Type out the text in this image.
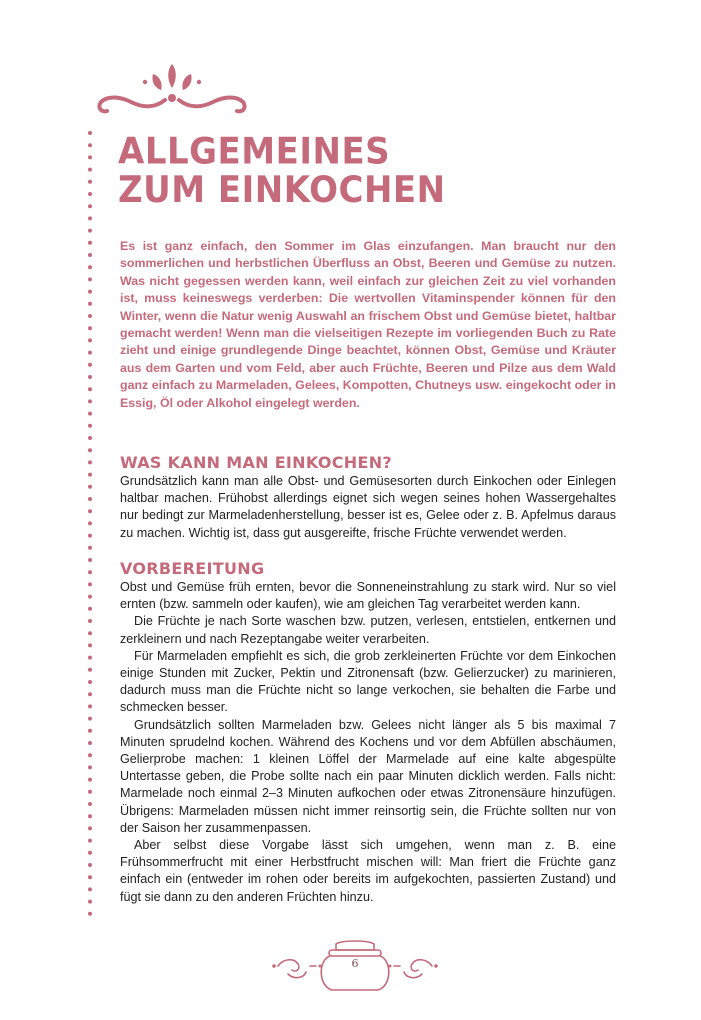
ALLGEMEINES
ZUM EINKOCHEN

Es ist ganz einfach, den Sommer im Glas einzufangen. Man braucht nur den sommerlichen und herbstlichen Überfluss an Obst, Beeren und Gemüse zu nutzen. Was nicht gegessen werden kann, weil einfach zur gleichen Zeit zu viel vorhanden ist, muss keineswegs verderben: Die wertvollen Vitaminspender können für den Winter, wenn die Natur wenig Auswahl an frischem Obst und Gemüse bietet, haltbar gemacht werden! Wenn man die vielseitigen Rezepte im vorliegenden Buch zu Rate zieht und einige grundlegende Dinge beachtet, können Obst, Gemüse und Kräuter aus dem Garten und vom Feld, aber auch Früchte, Beeren und Pilze aus dem Wald ganz einfach zu Marmeladen, Gelees, Kompotten, Chutneys usw. eingekocht oder in Essig, Öl oder Alkohol eingelegt werden.

WAS KANN MAN EINKOCHEN?

Grundsätzlich kann man alle Obst- und Gemüsesorten durch Einkochen oder Einlegen haltbar machen. Frühobst allerdings eignet sich wegen seines hohen Wassergehaltes nur bedingt zur Marmeladenherstellung, besser ist es, Gelee oder z. B. Apfelmus daraus zu machen. Wichtig ist, dass gut ausgereifte, frische Früchte verwendet werden.

VORBEREITUNG

Obst und Gemüse früh ernten, bevor die Sonneneinstrahlung zu stark wird. Nur so viel ernten (bzw. sammeln oder kaufen), wie am gleichen Tag verarbeitet werden kann.

Die Früchte je nach Sorte waschen bzw. putzen, verlesen, entstielen, entkernen und zerkleinern und nach Rezeptangabe weiter verarbeiten.

Für Marmeladen empfiehlt es sich, die grob zerkleinerten Früchte vor dem Einkochen einige Stunden mit Zucker, Pektin und Zitronensaft (bzw. Gelierzucker) zu marinieren, dadurch muss man die Früchte nicht so lange verkochen, sie behalten die Farbe und schmecken besser.

Grundsätzlich sollten Marmeladen bzw. Gelees nicht länger als 5 bis maximal 7 Minuten sprudelnd kochen. Während des Kochens und vor dem Abfüllen abschäumen, Gelierprobe machen: 1 kleinen Löffel der Marmelade auf eine kalte abgespülte Untertasse geben, die Probe sollte nach ein paar Minuten dicklich werden. Falls nicht: Marmelade noch einmal 2–3 Minuten aufkochen oder etwas Zitronensäure hinzufügen. Übrigens: Marmeladen müssen nicht immer reinsortig sein, die Früchte sollten nur von der Saison her zusammenpassen.

Aber selbst diese Vorgabe lässt sich umgehen, wenn man z. B. eine Frühsommerfrucht mit einer Herbstfrucht mischen will: Man friert die Früchte ganz einfach ein (entweder im rohen oder bereits im aufgekochten, passierten Zustand) und fügt sie dann zu den anderen Früchten hinzu.

6
